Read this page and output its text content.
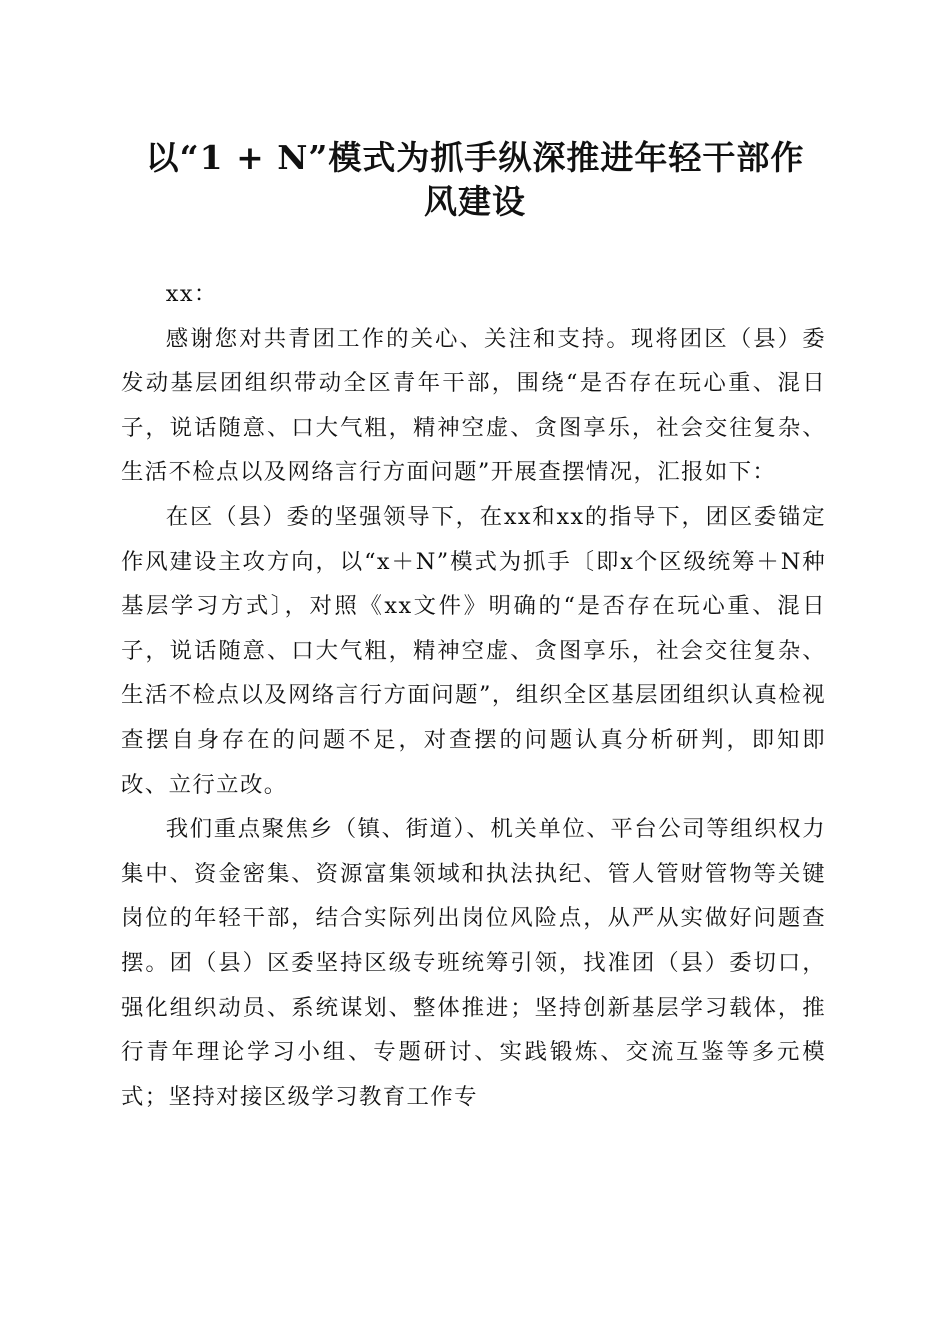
以“1 + N”模式为抓手纵深推进年轻干部作
风建设

xx：

感谢您对共青团工作的关心、关注和支持。现将团区（县）委发动基层团组织带动全区青年干部，围绕“是否存在玩心重、混日子，说话随意、口大气粗，精神空虚、贪图享乐，社会交往复杂、生活不检点以及网络言行方面问题”开展查摆情况，汇报如下：

在区（县）委的坚强领导下，在xx和xx的指导下，团区委锚定作风建设主攻方向，以“x＋N”模式为抓手〔即x个区级统筹＋N种基层学习方式〕，对照《xx文件》明确的“是否存在玩心重、混日子，说话随意、口大气粗，精神空虚、贪图享乐，社会交往复杂、生活不检点以及网络言行方面问题”，组织全区基层团组织认真检视查摆自身存在的问题不足，对查摆的问题认真分析研判，即知即改、立行立改。

我们重点聚焦乡（镇、街道）、机关单位、平台公司等组织权力集中、资金密集、资源富集领域和执法执纪、管人管财管物等关键岗位的年轻干部，结合实际列出岗位风险点，从严从实做好问题查摆。团（县）区委坚持区级专班统筹引领，找准团（县）委切口，强化组织动员、系统谋划、整体推进；坚持创新基层学习载体，推行青年理论学习小组、专题研讨、实践锻炼、交流互鉴等多元模式；坚持对接区级学习教育工作专
